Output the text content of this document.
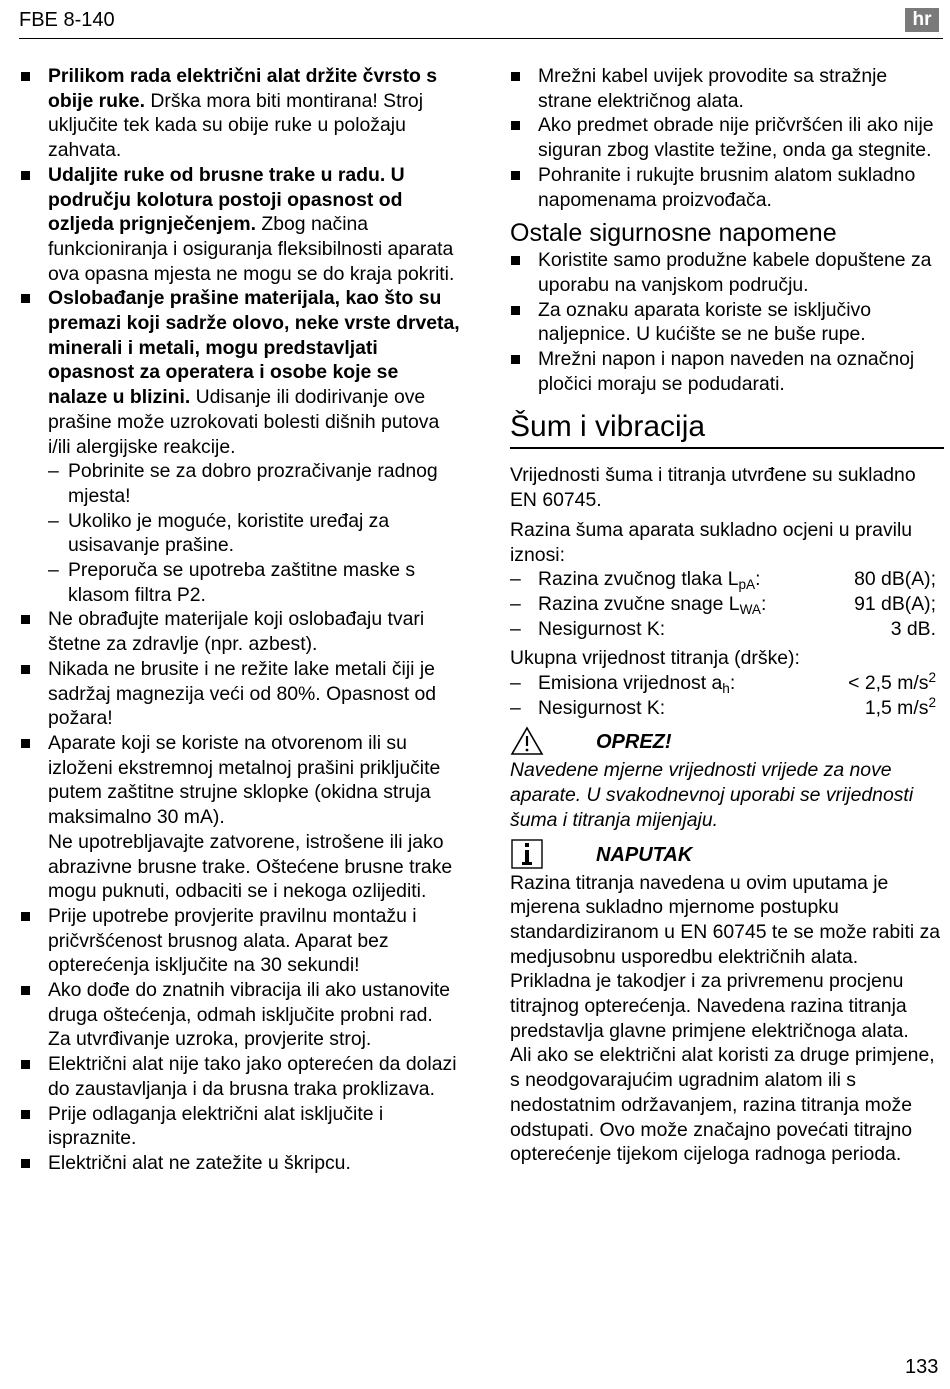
FBE 8-140	hr
Prilikom rada električni alat držite čvrsto s obije ruke. Drška mora biti montirana! Stroj uključite tek kada su obije ruke u položaju zahvata.
Udaljite ruke od brusne trake u radu. U području kolotura postoji opasnost od ozljeda prignječenjem. Zbog načina funkcioniranja i osiguranja fleksibilnosti aparata ova opasna mjesta ne mogu se do kraja pokriti.
Oslobađanje prašine materijala, kao što su premazi koji sadrže olovo, neke vrste drveta, minerali i metali, mogu predstavljati opasnost za operatera i osobe koje se nalaze u blizini. Udisanje ili dodirivanje ove prašine može uzrokovati bolesti dišnih putova i/ili alergijske reakcije.
– Pobrinite se za dobro prozračivanje radnog mjesta!
– Ukoliko je moguće, koristite uređaj za usisavanje prašine.
– Preporuča se upotreba zaštitne maske s klasom filtra P2.
Ne obrađujte materijale koji oslobađaju tvari štetne za zdravlje (npr. azbest).
Nikada ne brusite i ne režite lake metali čiji je sadržaj magnezija veći od 80%. Opasnost od požara!
Aparate koji se koriste na otvorenom ili su izloženi ekstremnoj metalnoj prašini priključite putem zaštitne strujne sklopke (okidna struja maksimalno 30 mA).
Ne upotrebljavajte zatvorene, istrošene ili jako abrazivne brusne trake. Oštećene brusne trake mogu puknuti, odbaciti se i nekoga ozlijediti.
Prije upotrebe provjerite pravilnu montažu i pričvršćenost brusnog alata. Aparat bez opterećenja isključite na 30 sekundi!
Ako dođe do znatnih vibracija ili ako ustanovite druga oštećenja, odmah isključite probni rad. Za utvrđivanje uzroka, provjerite stroj.
Električni alat nije tako jako opterećen da dolazi do zaustavljanja i da brusna traka proklizava.
Prije odlaganja električni alat isključite i ispraznite.
Električni alat ne zatežite u škripcu.
Mrežni kabel uvijek provodite sa stražnje strane električnog alata.
Ako predmet obrade nije pričvršćen ili ako nije siguran zbog vlastite težine, onda ga stegnite.
Pohranite i rukujte brusnim alatom sukladno napomenama proizvođača.
Ostale sigurnosne napomene
Koristite samo produžne kabele dopuštene za uporabu na vanjskom području.
Za oznaku aparata koriste se isključivo naljepnice. U kućište se ne buše rupe.
Mrežni napon i napon naveden na označnoj pločici moraju se podudarati.
Šum i vibracija
Vrijednosti šuma i titranja utvrđene su sukladno EN 60745.
Razina šuma aparata sukladno ocjeni u pravilu iznosi:
– Razina zvučnog tlaka $L_{pA}$:	80 dB(A);
– Razina zvučne snage $L_{WA}$:	91 dB(A);
– Nesigurnost K:	3 dB.
Ukupna vrijednost titranja (drške):
– Emisiona vrijednost $a_h$:	< 2,5 $m/s^2$
– Nesigurnost K:	1,5 $m/s^2$
OPREZ!
Navedene mjerne vrijednosti vrijede za nove aparate. U svakodnevnoj uporabi se vrijednosti šuma i titranja mijenjaju.
NAPUTAK
Razina titranja navedena u ovim uputama je mjerena sukladno mjernome postupku standardiziranom u EN 60745 te se može rabiti za medjusobnu usporedbu električnih alata. Prikladna je takodjer i za privremenu procjenu titrajnog opterećenja. Navedena razina titranja predstavlja glavne primjene električnoga alata.
Ali ako se električni alat koristi za druge primjene, s neodgovarajućim ugradnim alatom ili s nedostatnim održavanjem, razina titranja može odstupati. Ovo može značajno povećati titrajno opterećenje tijekom cijeloga radnoga perioda.
133
